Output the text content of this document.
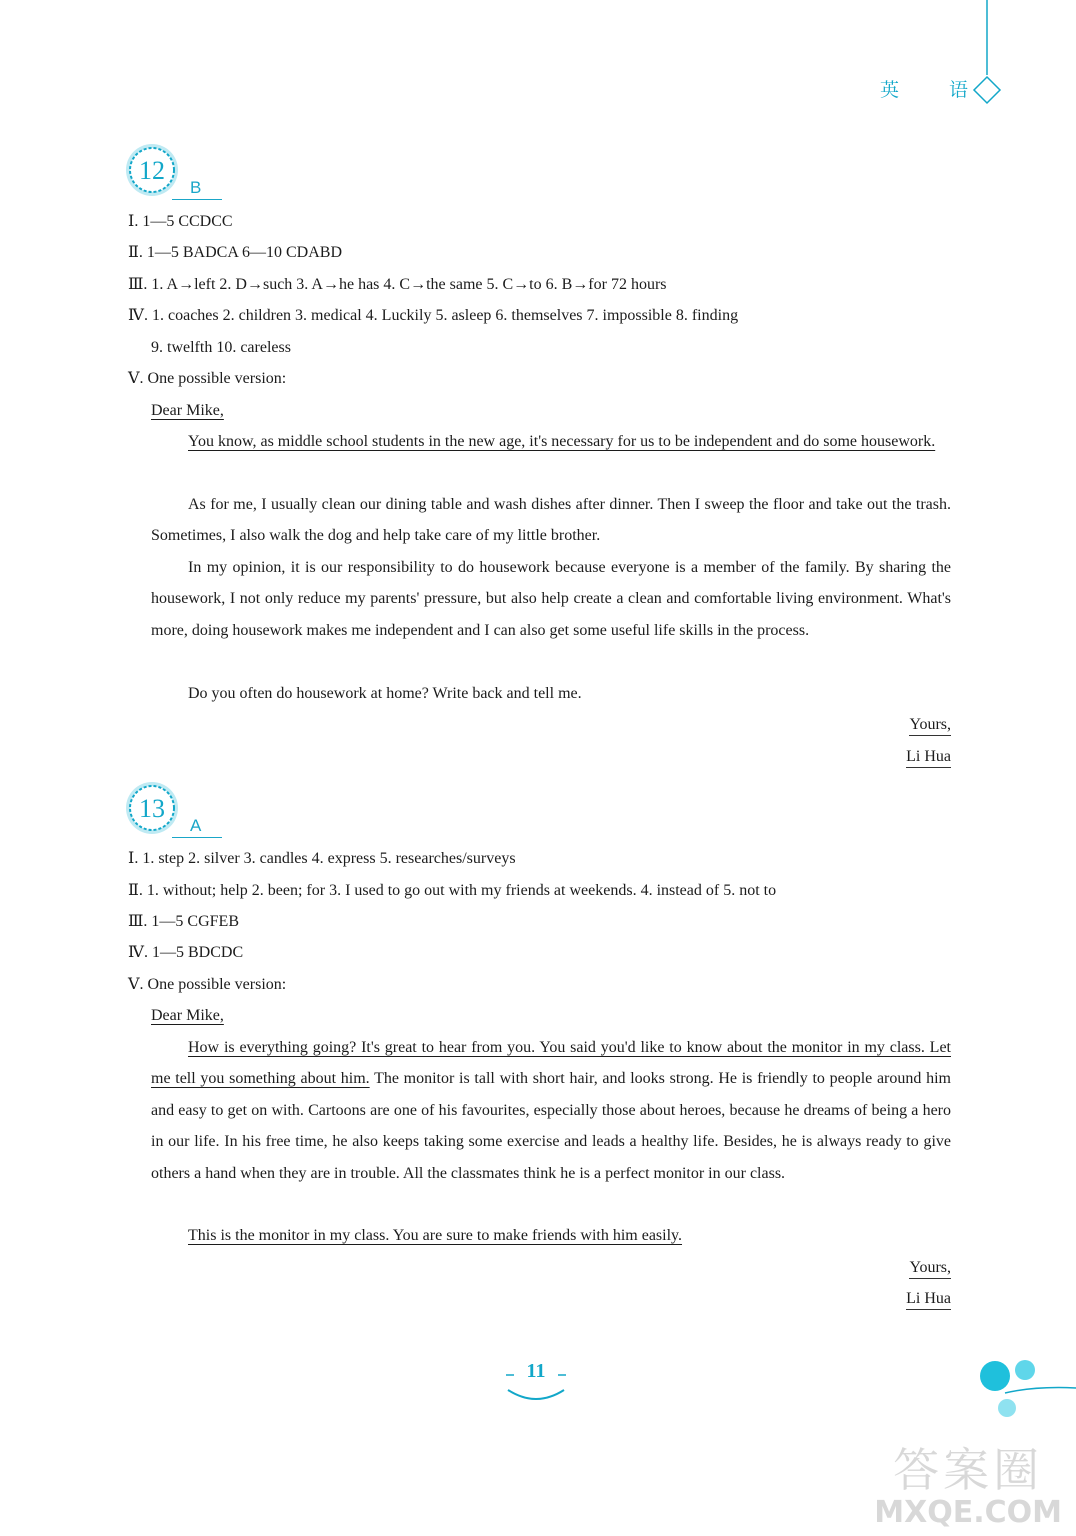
英 语
12
B
Ⅰ. 1—5 CCDCC
Ⅱ. 1—5 BADCA 6—10 CDABD
Ⅲ. 1. A→left 2. D→such 3. A→he has 4. C→the same 5. C→to 6. B→for 72 hours
Ⅳ. 1. coaches 2. children 3. medical 4. Luckily 5. asleep 6. themselves 7. impossible 8. finding
9. twelfth 10. careless
Ⅴ. One possible version:
Dear Mike,
You know, as middle school students in the new age, it's necessary for us to be independent and do some housework.
As for me, I usually clean our dining table and wash dishes after dinner. Then I sweep the floor and take out the trash. Sometimes, I also walk the dog and help take care of my little brother.
In my opinion, it is our responsibility to do housework because everyone is a member of the family. By sharing the housework, I not only reduce my parents' pressure, but also help create a clean and comfortable living environment. What's more, doing housework makes me independent and I can also get some useful life skills in the process.
Do you often do housework at home? Write back and tell me.
Yours,
Li Hua
13
A
Ⅰ. 1. step 2. silver 3. candles 4. express 5. researches/surveys
Ⅱ. 1. without; help 2. been; for 3. I used to go out with my friends at weekends. 4. instead of 5. not to
Ⅲ. 1—5 CGFEB
Ⅳ. 1—5 BDCDC
Ⅴ. One possible version:
Dear Mike,
How is everything going? It's great to hear from you. You said you'd like to know about the monitor in my class. Let me tell you something about him. The monitor is tall with short hair, and looks strong. He is friendly to people around him and easy to get on with. Cartoons are one of his favourites, especially those about heroes, because he dreams of being a hero in our life. In his free time, he also keeps taking some exercise and leads a healthy life. Besides, he is always ready to give others a hand when they are in trouble. All the classmates think he is a perfect monitor in our class.
This is the monitor in my class. You are sure to make friends with him easily.
Yours,
Li Hua
11
答案圈
MXQE.COM
